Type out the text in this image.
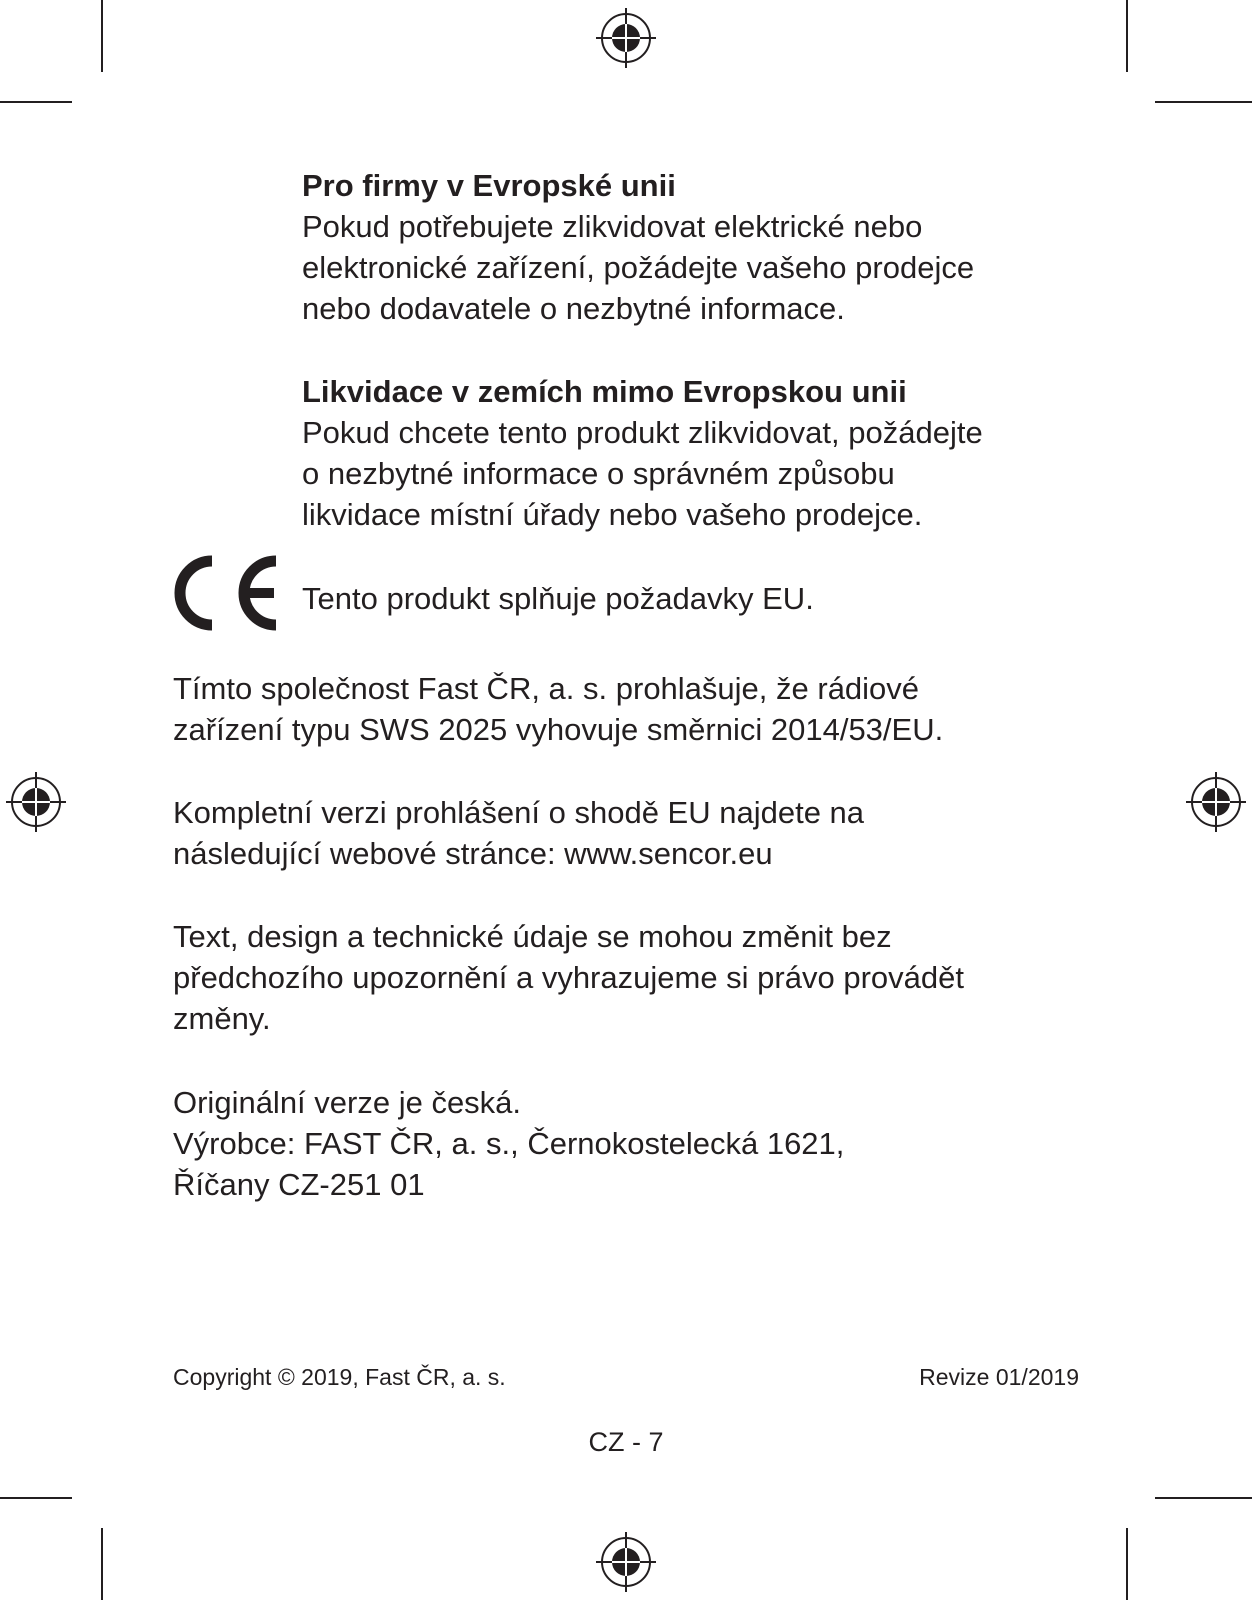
Pro firmy v Evropské unii

Pokud potřebujete zlikvidovat elektrické nebo

elektronické zařízení, požádejte vašeho prodejce

nebo dodavatele o nezbytné informace.

Likvidace v zemích mimo Evropskou unii

Pokud chcete tento produkt zlikvidovat, požádejte

o nezbytné informace o správném způsobu

likvidace místní úřady nebo vašeho prodejce.

Tento produkt splňuje požadavky EU.

Tímto společnost Fast ČR, a. s. prohlašuje, že rádiové

zařízení typu SWS 2025 vyhovuje směrnici 2014/53/EU.

Kompletní verzi prohlášení o shodě EU najdete na

následující webové stránce: www.sencor.eu

Text, design a technické údaje se mohou změnit bez

předchozího upozornění a vyhrazujeme si právo provádět

změny.

Originální verze je česká.

Výrobce: FAST ČR, a. s., Černokostelecká 1621,

Říčany CZ-251 01

Copyright © 2019, Fast ČR, a. s.	Revize 01/2019
CZ - 7
